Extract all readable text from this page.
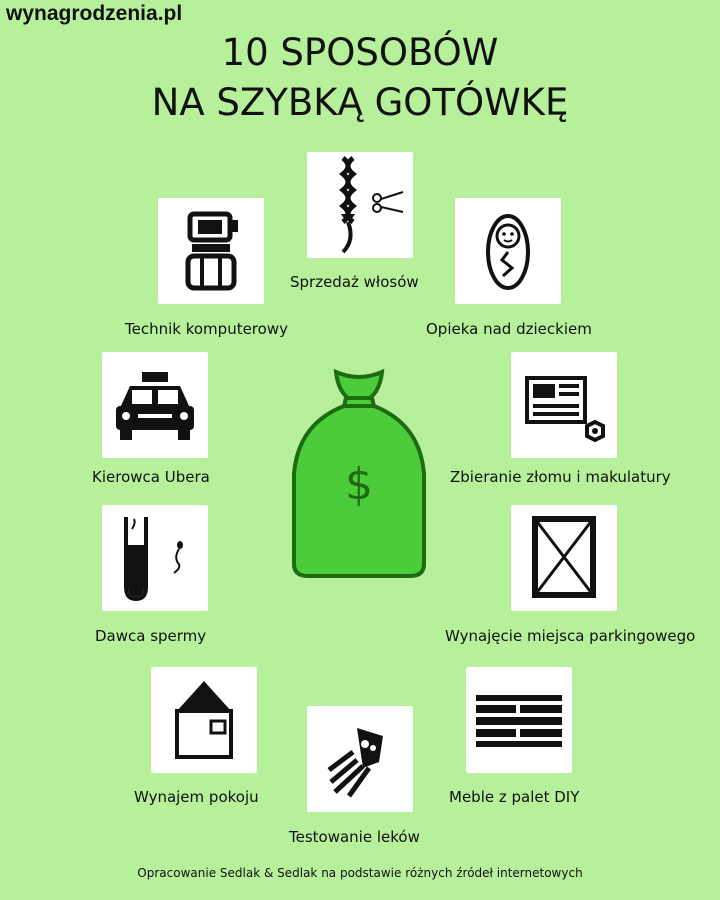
wynagrodzenia.pl
10 SPOSOBÓW
NA SZYBKĄ GOTÓWKĘ
$
Sprzedaż włosów
Technik komputerowy	Opieka nad dzieckiem
Kierowca Ubera	Zbieranie złomu i makulatury
Dawca spermy	Wynajęcie miejsca parkingowego
Wynajem pokoju	Meble z palet DIY
Testowanie leków
Opracowanie Sedlak & Sedlak na podstawie różnych źródeł internetowych
